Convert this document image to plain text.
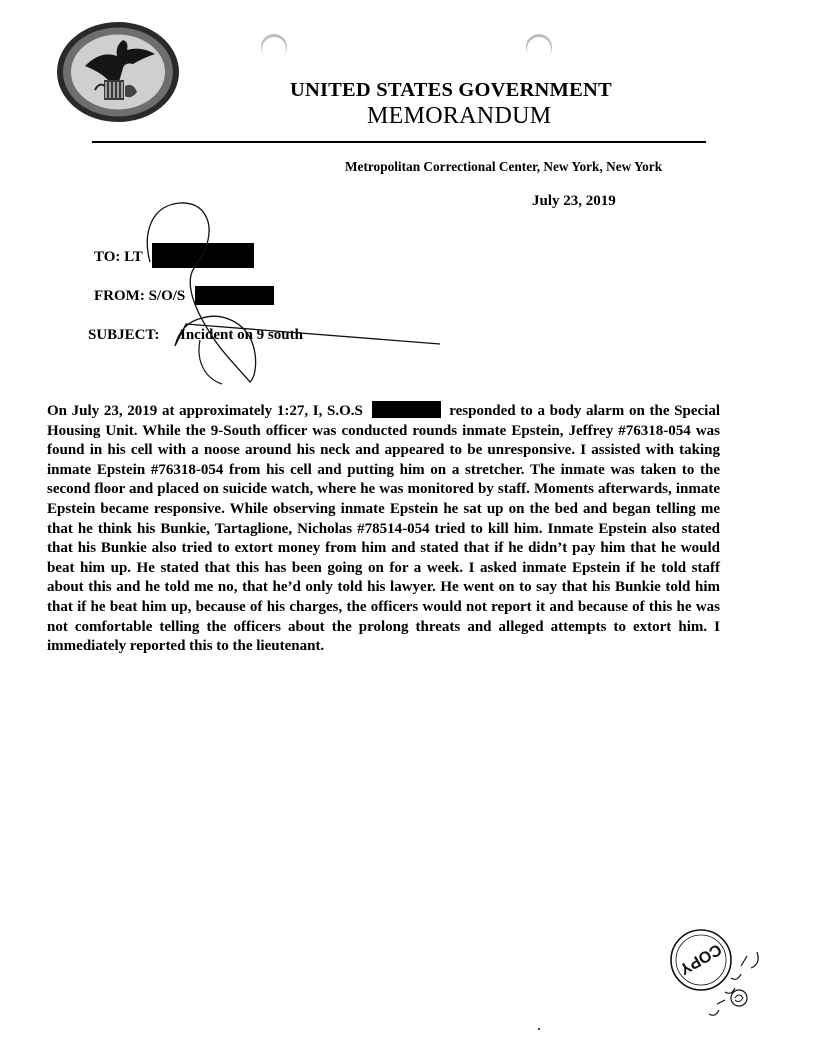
UNITED STATES GOVERNMENT
MEMORANDUM
Metropolitan Correctional Center, New York, New York
July 23, 2019
TO: LT
FROM: S/O/S
SUBJECT: Incident on 9 south

On July 23, 2019 at approximately 1:27, I, S.O.S	responded to a body alarm on the Special Housing Unit. While the 9-South officer was conducted rounds inmate Epstein, Jeffrey #76318-054 was found in his cell with a noose around his neck and appeared to be unresponsive. I assisted with taking inmate Epstein #76318-054 from his cell and putting him on a stretcher. The inmate was taken to the second floor and placed on suicide watch, where he was monitored by staff. Moments afterwards, inmate Epstein became responsive. While observing inmate Epstein he sat up on the bed and began telling me that he think his Bunkie, Tartaglione, Nicholas #78514-054 tried to kill him. Inmate Epstein also stated that his Bunkie also tried to extort money from him and stated that if he didn’t pay him that he would beat him up. He stated that this has been going on for a week. I asked inmate Epstein if he told staff about this and he told me no, that he’d only told his lawyer. He went on to say that his Bunkie told him that if he beat him up, because of his charges, the officers would not report it and because of this he was not comfortable telling the officers about the prolong threats and alleged attempts to extort him. I immediately reported this to the lieutenant.

COPY
